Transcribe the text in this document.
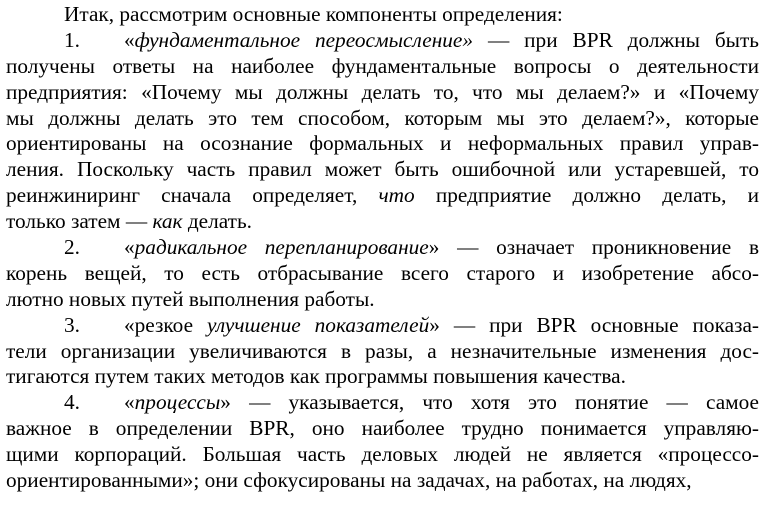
Итак, рассмотрим основные компоненты определения:
1. «фундаментальное переосмысление» — при BPR должны быть
получены ответы на наиболее фундаментальные вопросы о деятельности
предприятия: «Почему мы должны делать то, что мы делаем?» и «Почему
мы должны делать это тем способом, которым мы это делаем?», которые
ориентированы на осознание формальных и неформальных правил управ-
ления. Поскольку часть правил может быть ошибочной или устаревшей, то
реинжиниринг сначала определяет, что предприятие должно делать, и
только затем — как делать.
2. «радикальное перепланирование» — означает проникновение в
корень вещей, то есть отбрасывание всего старого и изобретение абсо-
лютно новых путей выполнения работы.
3. «резкое улучшение показателей» — при BPR основные показа-
тели организации увеличиваются в разы, а незначительные изменения дос-
тигаются путем таких методов как программы повышения качества.
4. «процессы» — указывается, что хотя это понятие — самое
важное в определении BPR, оно наиболее трудно понимается управляю-
щими корпораций. Большая часть деловых людей не является «процессо-
ориентированными»; они сфокусированы на задачах, на работах, на людях,
